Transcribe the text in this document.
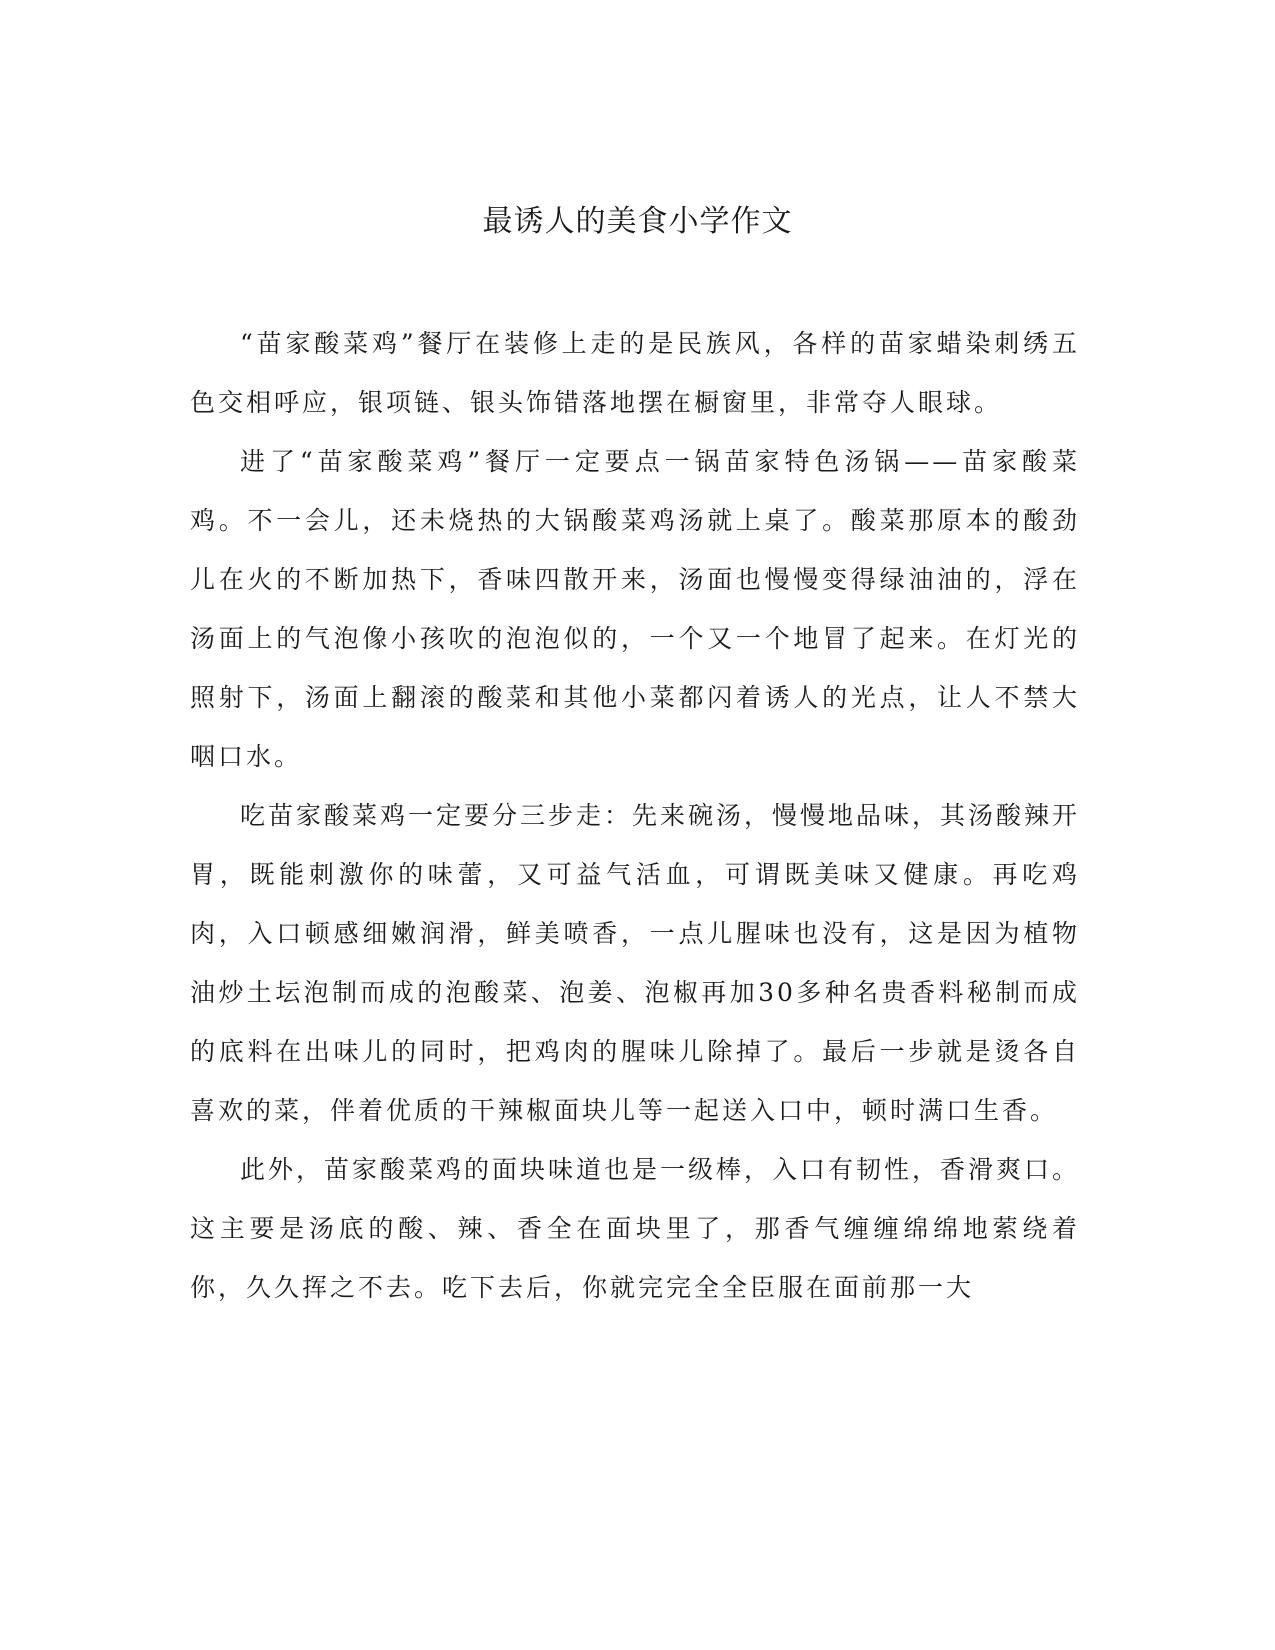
最诱人的美食小学作文

“苗家酸菜鸡”餐厅在装修上走的是民族风，各样的苗家蜡染刺绣五色交相呼应，银项链、银头饰错落地摆在橱窗里，非常夺人眼球。

进了“苗家酸菜鸡”餐厅一定要点一锅苗家特色汤锅——苗家酸菜鸡。不一会儿，还未烧热的大锅酸菜鸡汤就上桌了。酸菜那原本的酸劲儿在火的不断加热下，香味四散开来，汤面也慢慢变得绿油油的，浮在汤面上的气泡像小孩吹的泡泡似的，一个又一个地冒了起来。在灯光的照射下，汤面上翻滚的酸菜和其他小菜都闪着诱人的光点，让人不禁大咽口水。

吃苗家酸菜鸡一定要分三步走：先来碗汤，慢慢地品味，其汤酸辣开胃，既能刺激你的味蕾，又可益气活血，可谓既美味又健康。再吃鸡肉，入口顿感细嫩润滑，鲜美喷香，一点儿腥味也没有，这是因为植物油炒土坛泡制而成的泡酸菜、泡姜、泡椒再加30多种名贵香料秘制而成的底料在出味儿的同时，把鸡肉的腥味儿除掉了。最后一步就是烫各自喜欢的菜，伴着优质的干辣椒面块儿等一起送入口中，顿时满口生香。

此外，苗家酸菜鸡的面块味道也是一级棒，入口有韧性，香滑爽口。这主要是汤底的酸、辣、香全在面块里了，那香气缠缠绵绵地萦绕着你，久久挥之不去。吃下去后，你就完完全全臣服在面前那一大
